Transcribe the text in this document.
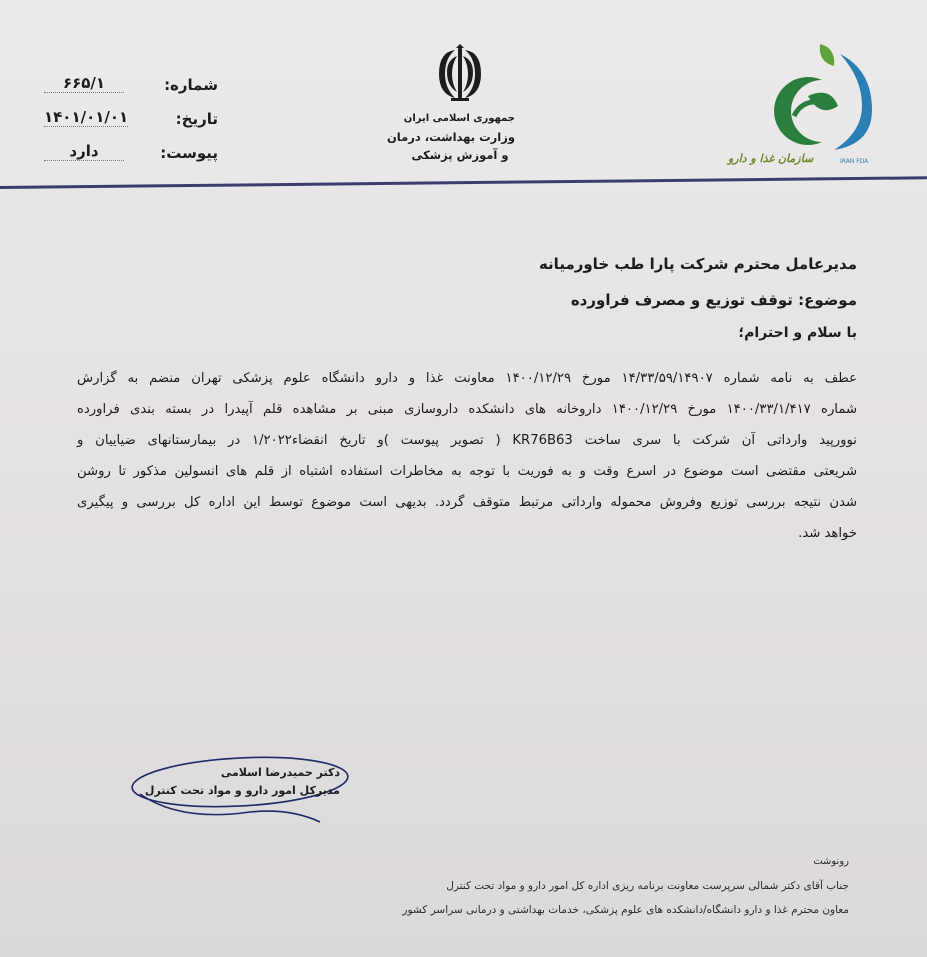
شماره:
۶۶۵/۱
تاریخ:
۱۴۰۱/۰۱/۰۱
پیوست:
دارد
جمهوری اسلامی ایران
وزارت بهداشت، درمان
و آموزش پزشکی	سازمان غذا و دارو	IRAN FDA
مدیرعامل محترم شرکت پارا طب خاورمیانه
موضوع: توقف توزیع و مصرف فراورده
با سلام و احترام؛
عطف به نامه شماره ۱۴/۳۳/۵۹/۱۴۹۰۷ مورخ ۱۴۰۰/۱۲/۲۹ معاونت غذا و دارو دانشگاه علوم پزشکی تهران منضم به گزارش
شماره ۱۴۰۰/۳۳/۱/۴۱۷ مورخ ۱۴۰۰/۱۲/۲۹ داروخانه های دانشکده داروسازی مبنی بر مشاهده قلم آپیدرا در بسته بندی فراورده
نوورپید وارداتی آن شرکت با سری ساخت KR76B63 ( تصویر پیوست )و تاریخ انقضاء۱/۲۰۲۲ در بیمارستانهای ضیاییان و
شریعتی مقتضی است موضوع در اسرع وقت و به فوریت با توجه به مخاطرات استفاده اشتباه از قلم های انسولین مذکور تا روشن
شدن نتیجه بررسی توزیع وفروش محموله وارداتی مرتبط متوقف گردد. بدیهی است موضوع توسط این اداره کل بررسی و پیگیری
خواهد شد.
دکتر حمیدرضا اسلامی
مدیرکل امور دارو و مواد تحت کنترل
رونوشت
جناب آقای دکتر شمالی سرپرست معاونت برنامه ریزی اداره کل امور دارو و مواد تحت کنترل
معاون محترم غذا و دارو دانشگاه/دانشکده های علوم پزشکی، خدمات بهداشتی و درمانی سراسر کشور
